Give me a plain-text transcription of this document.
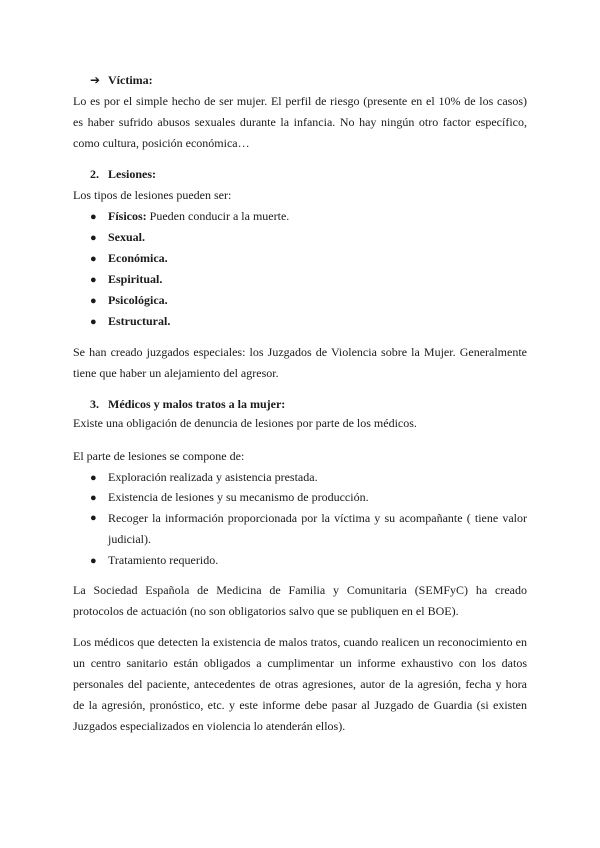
➔ Víctima:
Lo es por el simple hecho de ser mujer. El perfil de riesgo (presente en el 10% de los casos)
es haber sufrido abusos sexuales durante la infancia. No hay ningún otro factor específico,
como cultura, posición económica…
2. Lesiones:
Los tipos de lesiones pueden ser:
● Físicos: Pueden conducir a la muerte.
● Sexual.
● Económica.
● Espiritual.
● Psicológica.
● Estructural.
Se han creado juzgados especiales: los Juzgados de Violencia sobre la Mujer. Generalmente
tiene que haber un alejamiento del agresor.
3. Médicos y malos tratos a la mujer:
Existe una obligación de denuncia de lesiones por parte de los médicos.
El parte de lesiones se compone de:
● Exploración realizada y asistencia prestada.
● Existencia de lesiones y su mecanismo de producción.
● Recoger la información proporcionada por la víctima y su acompañante ( tiene valor
judicial).
● Tratamiento requerido.
La Sociedad Española de Medicina de Familia y Comunitaria (SEMFyC) ha creado
protocolos de actuación (no son obligatorios salvo que se publiquen en el BOE).
Los médicos que detecten la existencia de malos tratos, cuando realicen un reconocimiento en
un centro sanitario están obligados a cumplimentar un informe exhaustivo con los datos
personales del paciente, antecedentes de otras agresiones, autor de la agresión, fecha y hora
de la agresión, pronóstico, etc. y este informe debe pasar al Juzgado de Guardia (si existen
Juzgados especializados en violencia lo atenderán ellos).
